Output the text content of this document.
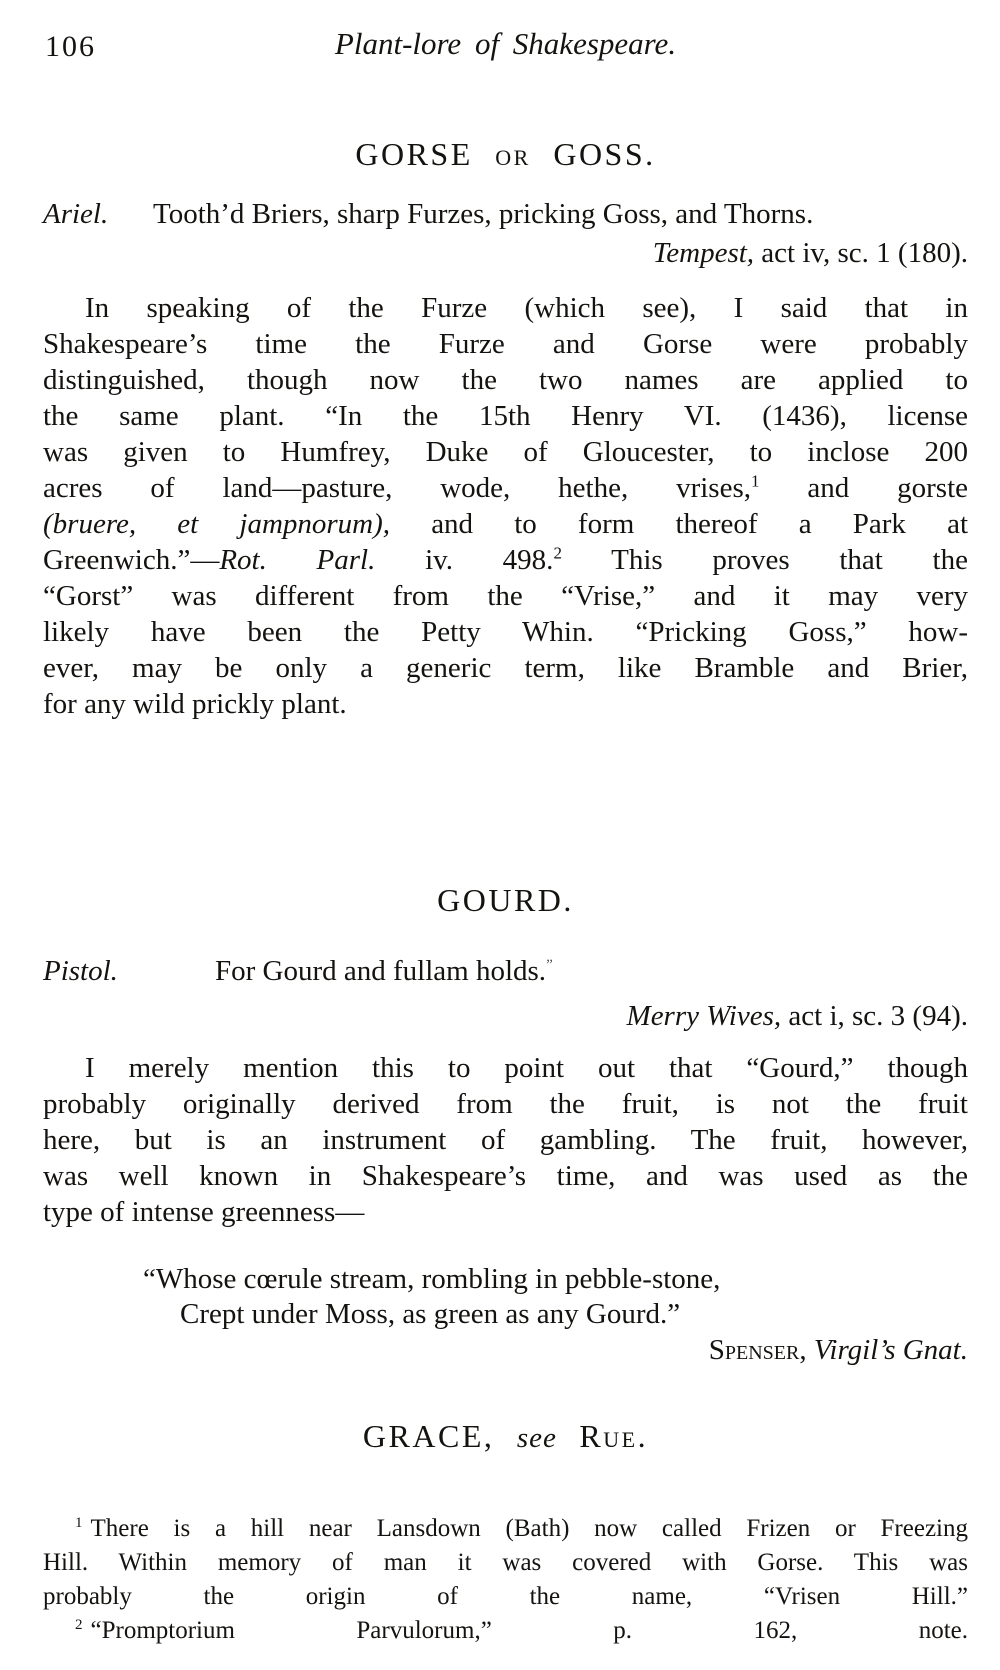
106	Plant-lore of Shakespeare.
GORSE or GOSS.
Ariel. Tooth’d Briers, sharp Furzes, pricking Goss, and Thorns.
Tempest, act iv, sc. 1 (180).
In speaking of the Furze (which see), I said that in
Shakespeare’s time the Furze and Gorse were probably
distinguished, though now the two names are applied to
the same plant. “In the 15th Henry VI. (1436), license
was given to Humfrey, Duke of Gloucester, to inclose 200
acres of land—pasture, wode, hethe, vrises,$^1$ and gorste
(bruere, et jampnorum), and to form thereof a Park at
Greenwich.”—Rot. Parl. iv. 498.$^2$ This proves that the
“Gorst” was different from the “Vrise,” and it may very
likely have been the Petty Whin. “Pricking Goss,” how-
ever, may be only a generic term, like Bramble and Brier,
for any wild prickly plant.
GOURD.
Pistol.	For Gourd and fullam holds.”
Merry Wives, act i, sc. 3 (94).
I merely mention this to point out that “Gourd,” though
probably originally derived from the fruit, is not the fruit
here, but is an instrument of gambling. The fruit, however,
was well known in Shakespeare’s time, and was used as the
type of intense greenness—
“Whose cœrule stream, rombling in pebble-stone,
Crept under Moss, as green as any Gourd.”
Spenser, Virgil’s Gnat.
GRACE, see Rue.
$^1$ There is a hill near Lansdown (Bath) now called Frizen or Freezing
Hill. Within memory of man it was covered with Gorse. This was
probably the origin of the name, “Vrisen Hill.”
$^2$ “Promptorium Parvulorum,” p. 162, note.
